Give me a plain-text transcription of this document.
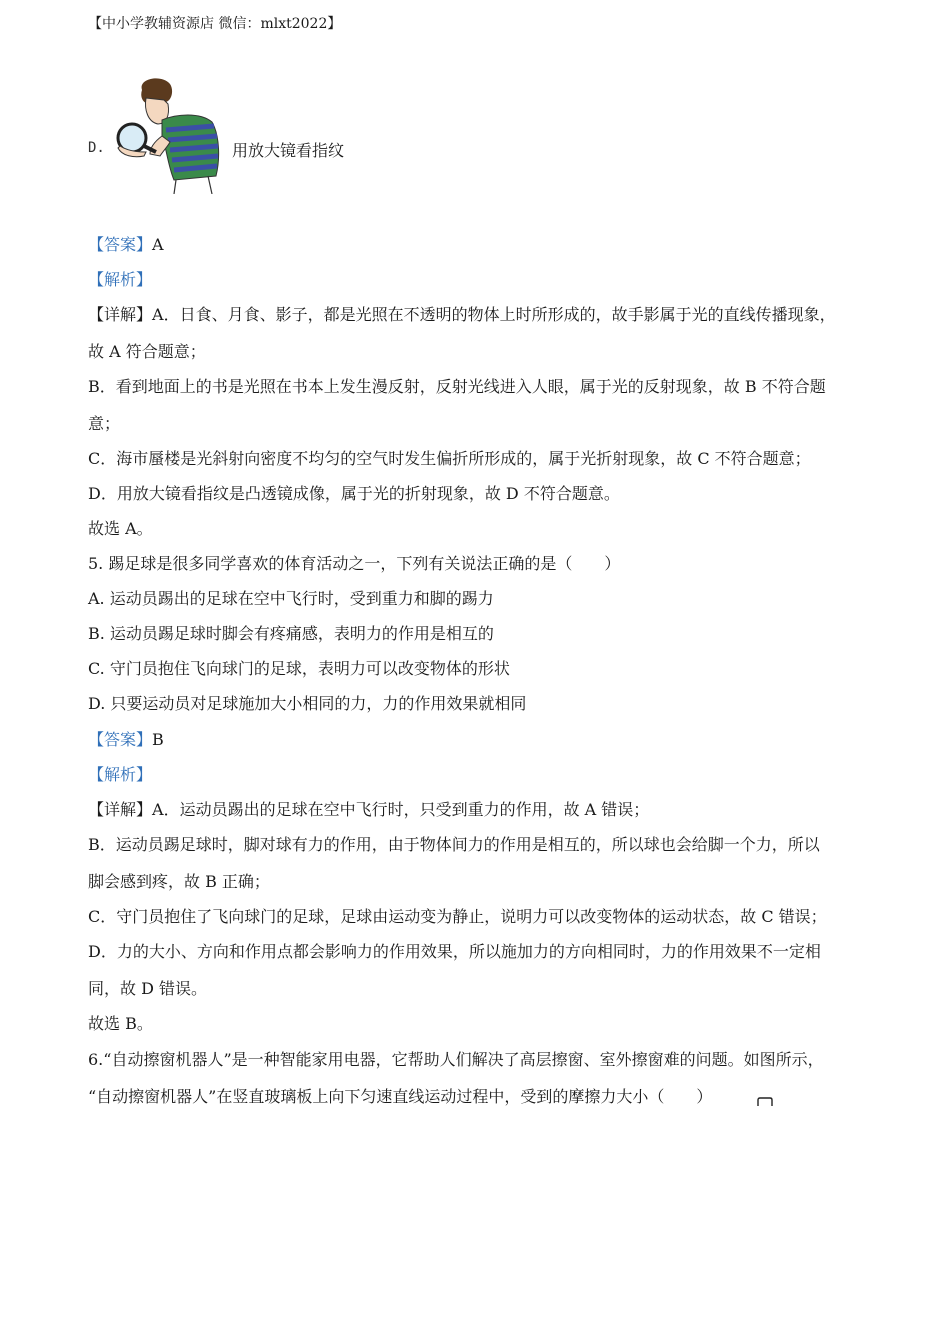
【中小学教辅资源店 微信：mlxt2022】
D.	用放大镜看指纹
【答案】A
【解析】
【详解】A．日食、月食、影子，都是光照在不透明的物体上时所形成的，故手影属于光的直线传播现象，
故 A 符合题意；
B．看到地面上的书是光照在书本上发生漫反射，反射光线进入人眼，属于光的反射现象，故 B 不符合题
意；
C．海市蜃楼是光斜射向密度不均匀的空气时发生偏折所形成的，属于光折射现象，故 C 不符合题意；
D．用放大镜看指纹是凸透镜成像，属于光的折射现象，故 D 不符合题意。
故选 A。
5. 踢足球是很多同学喜欢的体育活动之一，下列有关说法正确的是（　　）
A. 运动员踢出的足球在空中飞行时，受到重力和脚的踢力
B. 运动员踢足球时脚会有疼痛感，表明力的作用是相互的
C. 守门员抱住飞向球门的足球，表明力可以改变物体的形状
D. 只要运动员对足球施加大小相同的力，力的作用效果就相同
【答案】B
【解析】
【详解】A．运动员踢出的足球在空中飞行时，只受到重力的作用，故 A 错误；
B．运动员踢足球时，脚对球有力的作用，由于物体间力的作用是相互的，所以球也会给脚一个力，所以
脚会感到疼，故 B 正确；
C．守门员抱住了飞向球门的足球，足球由运动变为静止，说明力可以改变物体的运动状态，故 C 错误；
D．力的大小、方向和作用点都会影响力的作用效果，所以施加力的方向相同时，力的作用效果不一定相
同，故 D 错误。
故选 B。
6.“自动擦窗机器人”是一种智能家用电器，它帮助人们解决了高层擦窗、室外擦窗难的问题。如图所示，
“自动擦窗机器人”在竖直玻璃板上向下匀速直线运动过程中，受到的摩擦力大小（　　）
